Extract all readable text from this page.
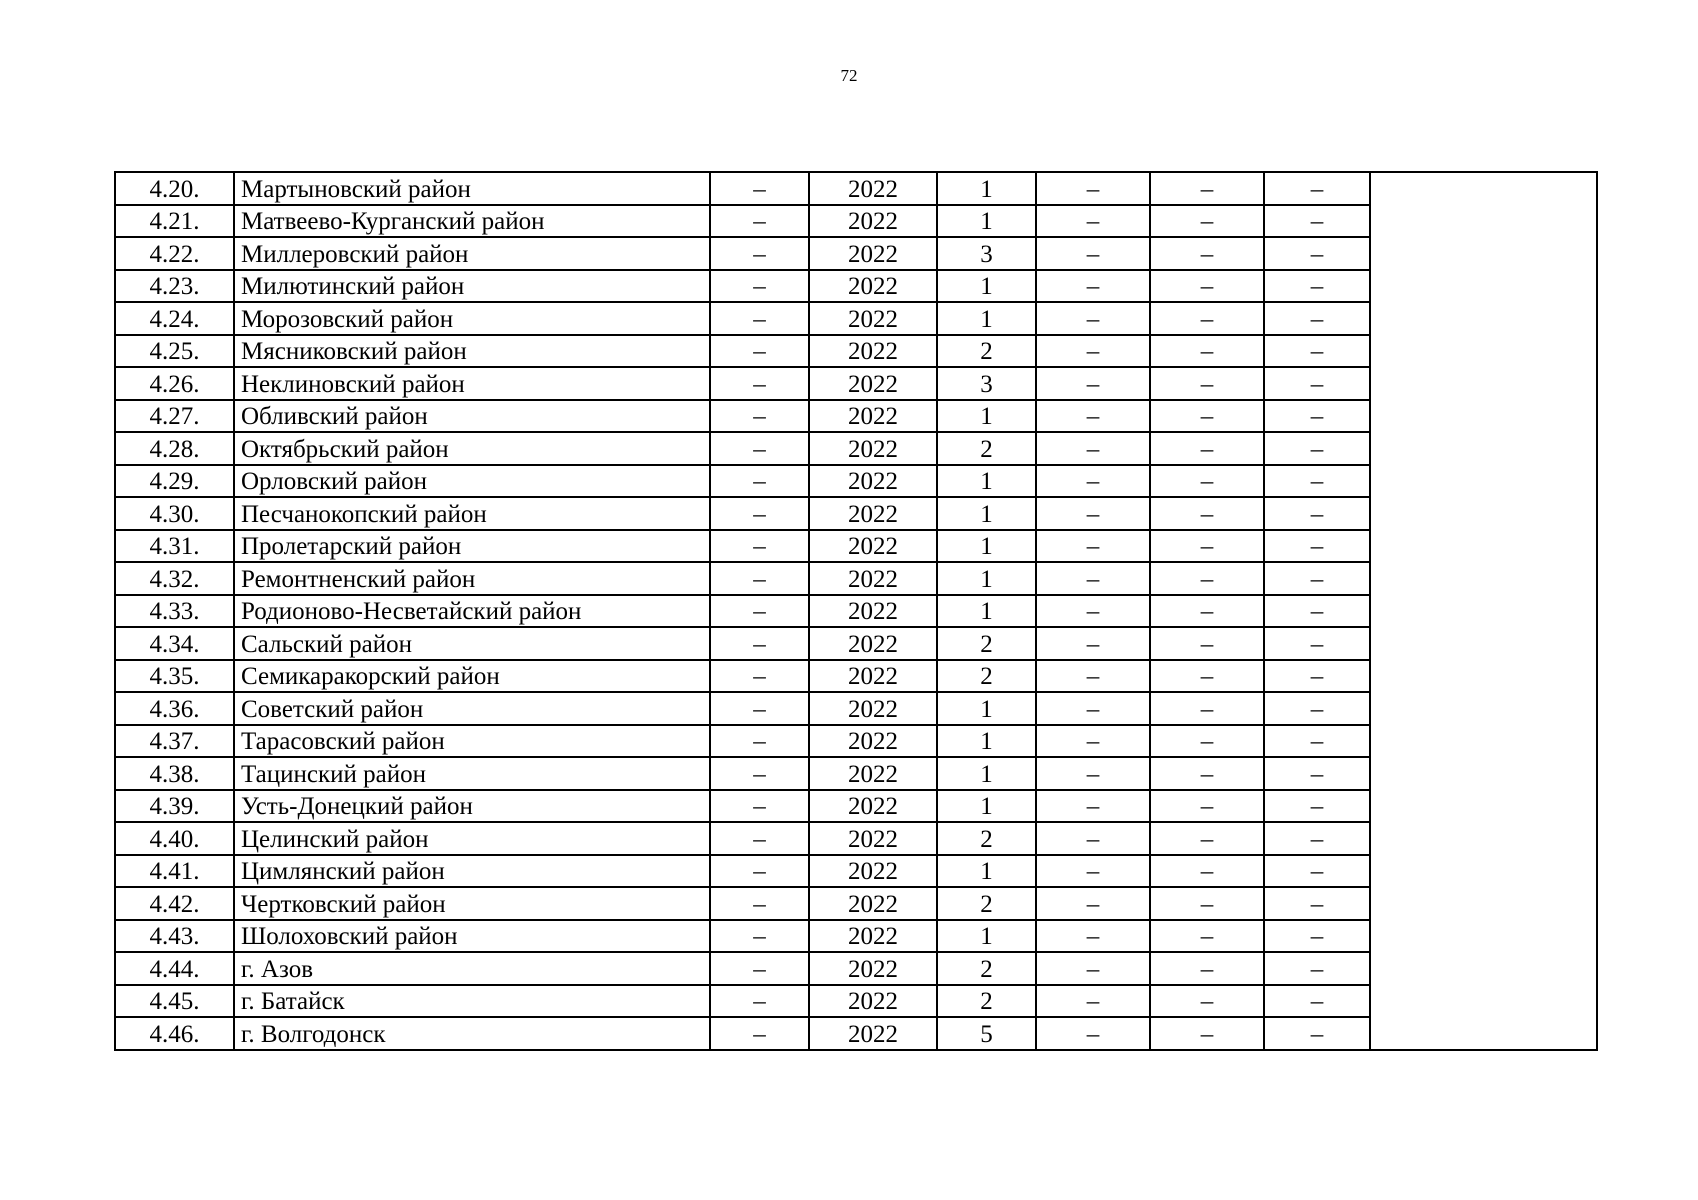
72
4.20.	Мартыновский район	–	2022	1	–	–	–	
4.21.	Матвеево-Курганский район	–	2022	1	–	–	–	
4.22.	Миллеровский район	–	2022	3	–	–	–	
4.23.	Милютинский район	–	2022	1	–	–	–	
4.24.	Морозовский район	–	2022	1	–	–	–	
4.25.	Мясниковский район	–	2022	2	–	–	–	
4.26.	Неклиновский район	–	2022	3	–	–	–	
4.27.	Обливский район	–	2022	1	–	–	–	
4.28.	Октябрьский район	–	2022	2	–	–	–	
4.29.	Орловский район	–	2022	1	–	–	–	
4.30.	Песчанокопский район	–	2022	1	–	–	–	
4.31.	Пролетарский район	–	2022	1	–	–	–	
4.32.	Ремонтненский район	–	2022	1	–	–	–	
4.33.	Родионово-Несветайский район	–	2022	1	–	–	–	
4.34.	Сальский район	–	2022	2	–	–	–	
4.35.	Семикаракорский район	–	2022	2	–	–	–	
4.36.	Советский район	–	2022	1	–	–	–	
4.37.	Тарасовский район	–	2022	1	–	–	–	
4.38.	Тацинский район	–	2022	1	–	–	–	
4.39.	Усть-Донецкий район	–	2022	1	–	–	–	
4.40.	Целинский район	–	2022	2	–	–	–	
4.41.	Цимлянский район	–	2022	1	–	–	–	
4.42.	Чертковский район	–	2022	2	–	–	–	
4.43.	Шолоховский район	–	2022	1	–	–	–	
4.44.	г. Азов	–	2022	2	–	–	–	
4.45.	г. Батайск	–	2022	2	–	–	–	
4.46.	г. Волгодонск	–	2022	5	–	–	–	
